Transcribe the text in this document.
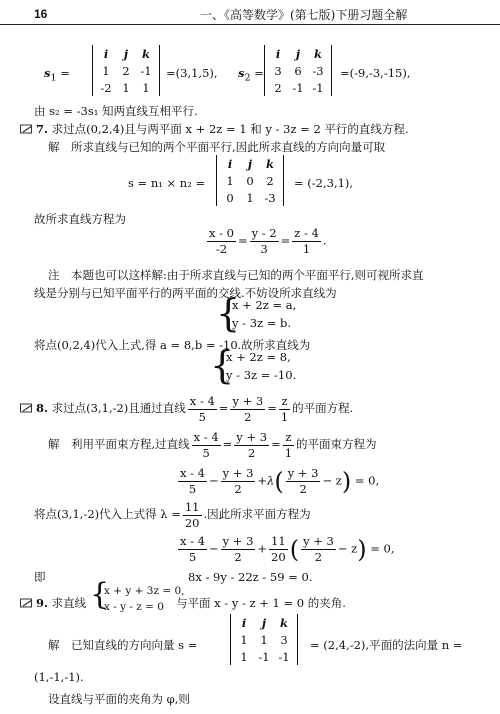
16	一、《高等数学》(第七版)下册习题全解
$s_1$ =
i	j	k
1	2	-1
-2	1	1
=(3,1,5), $s_2$ =
i	j	k
3	6	-3
2	-1	-1
=(-9,-3,-15),
由 s₂ = -3s₁ 知两直线互相平行.
7. 求过点(0,2,4)且与两平面 x + 2z = 1 和 y - 3z = 2 平行的直线方程.
解　所求直线与已知的两个平面平行,因此所求直线的方向向量可取
s = n₁ × n₂ =
i	j	k
1	0	2
0	1	-3
= (-2,3,1),
故所求直线方程为
$\frac{x - 0}{-2} = \frac{y - 2}{3} = \frac{z - 4}{1}$ .
注　本题也可以这样解:由于所求直线与已知的两个平面平行,则可视所求直
线是分别与已知平面平行的两平面的交线.不妨设所求直线为
{
x + 2z = a,
y - 3z = b.
将点(0,2,4)代入上式,得 a = 8,b = -10.故所求直线为
{
x + 2z = 8,
y - 3z = -10.
8. 求过点(3,1,-2)且通过直线 $\frac{x - 4}{5} = \frac{y + 3}{2} = \frac{z}{1}$ 的平面方程.
解　利用平面束方程,过直线 $\frac{x - 4}{5} = \frac{y + 3}{2} = \frac{z}{1}$ 的平面束方程为
$\frac{x - 4}{5} - \frac{y + 3}{2} +\lambda( \frac{y + 3}{2} - z) = 0$,
将点(3,1,-2)代入上式得 $\lambda = \frac{11}{20}$ .因此所求平面方程为
$\frac{x - 4}{5} - \frac{y + 3}{2} + \frac{11}{20}$ ( $\frac{y + 3}{2} - z) = 0$,
即	8x - 9y - 22z - 59 = 0.
9. 求直线 {
x + y + 3z = 0,
x - y - z = 0 与平面 x - y - z + 1 = 0 的夹角.
解　已知直线的方向向量 s =
i	j	k
1	1	3
1	-1	-1
= (2,4,-2),平面的法向量 n =
(1,-1,-1).
设直线与平面的夹角为 φ,则
